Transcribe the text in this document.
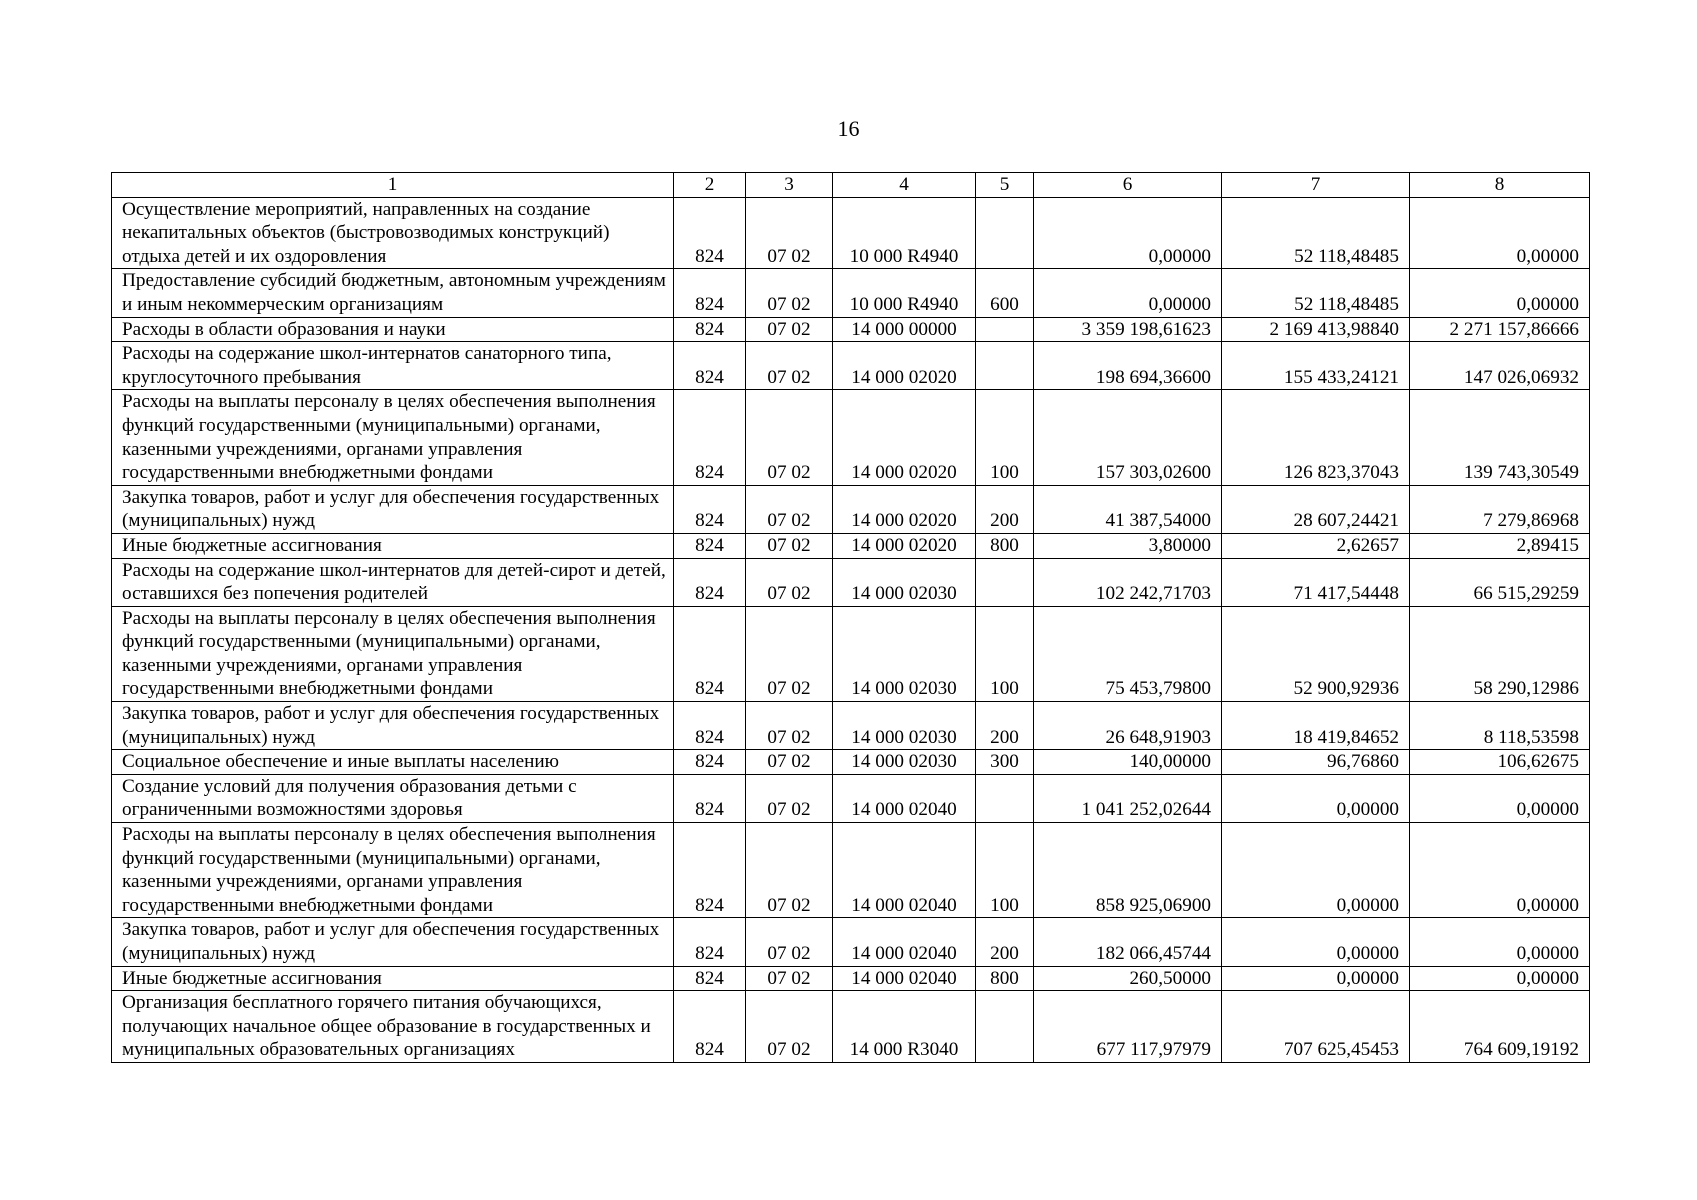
16
1	2	3	4	5	6	7	8
Осуществление мероприятий, направленных на создание некапитальных объектов (быстровозводимых конструкций) отдыха детей и их оздоровления	824	07 02	10 000 R4940		0,00000	52 118,48485	0,00000
Предоставление субсидий бюджетным, автономным учреждениям и иным некоммерческим организациям	824	07 02	10 000 R4940	600	0,00000	52 118,48485	0,00000
Расходы в области образования и науки	824	07 02	14 000 00000		3 359 198,61623	2 169 413,98840	2 271 157,86666
Расходы на содержание школ-интернатов санаторного типа, круглосуточного пребывания	824	07 02	14 000 02020		198 694,36600	155 433,24121	147 026,06932
Расходы на выплаты персоналу в целях обеспечения выполнения функций государственными (муниципальными) органами, казенными учреждениями, органами управления государственными внебюджетными фондами	824	07 02	14 000 02020	100	157 303,02600	126 823,37043	139 743,30549
Закупка товаров, работ и услуг для обеспечения государственных (муниципальных) нужд	824	07 02	14 000 02020	200	41 387,54000	28 607,24421	7 279,86968
Иные бюджетные ассигнования	824	07 02	14 000 02020	800	3,80000	2,62657	2,89415
Расходы на содержание школ-интернатов для детей-сирот и детей, оставшихся без попечения родителей	824	07 02	14 000 02030		102 242,71703	71 417,54448	66 515,29259
Расходы на выплаты персоналу в целях обеспечения выполнения функций государственными (муниципальными) органами, казенными учреждениями, органами управления государственными внебюджетными фондами	824	07 02	14 000 02030	100	75 453,79800	52 900,92936	58 290,12986
Закупка товаров, работ и услуг для обеспечения государственных (муниципальных) нужд	824	07 02	14 000 02030	200	26 648,91903	18 419,84652	8 118,53598
Социальное обеспечение и иные выплаты населению	824	07 02	14 000 02030	300	140,00000	96,76860	106,62675
Создание условий для получения образования детьми с ограниченными возможностями здоровья	824	07 02	14 000 02040		1 041 252,02644	0,00000	0,00000
Расходы на выплаты персоналу в целях обеспечения выполнения функций государственными (муниципальными) органами, казенными учреждениями, органами управления государственными внебюджетными фондами	824	07 02	14 000 02040	100	858 925,06900	0,00000	0,00000
Закупка товаров, работ и услуг для обеспечения государственных (муниципальных) нужд	824	07 02	14 000 02040	200	182 066,45744	0,00000	0,00000
Иные бюджетные ассигнования	824	07 02	14 000 02040	800	260,50000	0,00000	0,00000
Организация бесплатного горячего питания обучающихся, получающих начальное общее образование в государственных и муниципальных образовательных организациях	824	07 02	14 000 R3040		677 117,97979	707 625,45453	764 609,19192
